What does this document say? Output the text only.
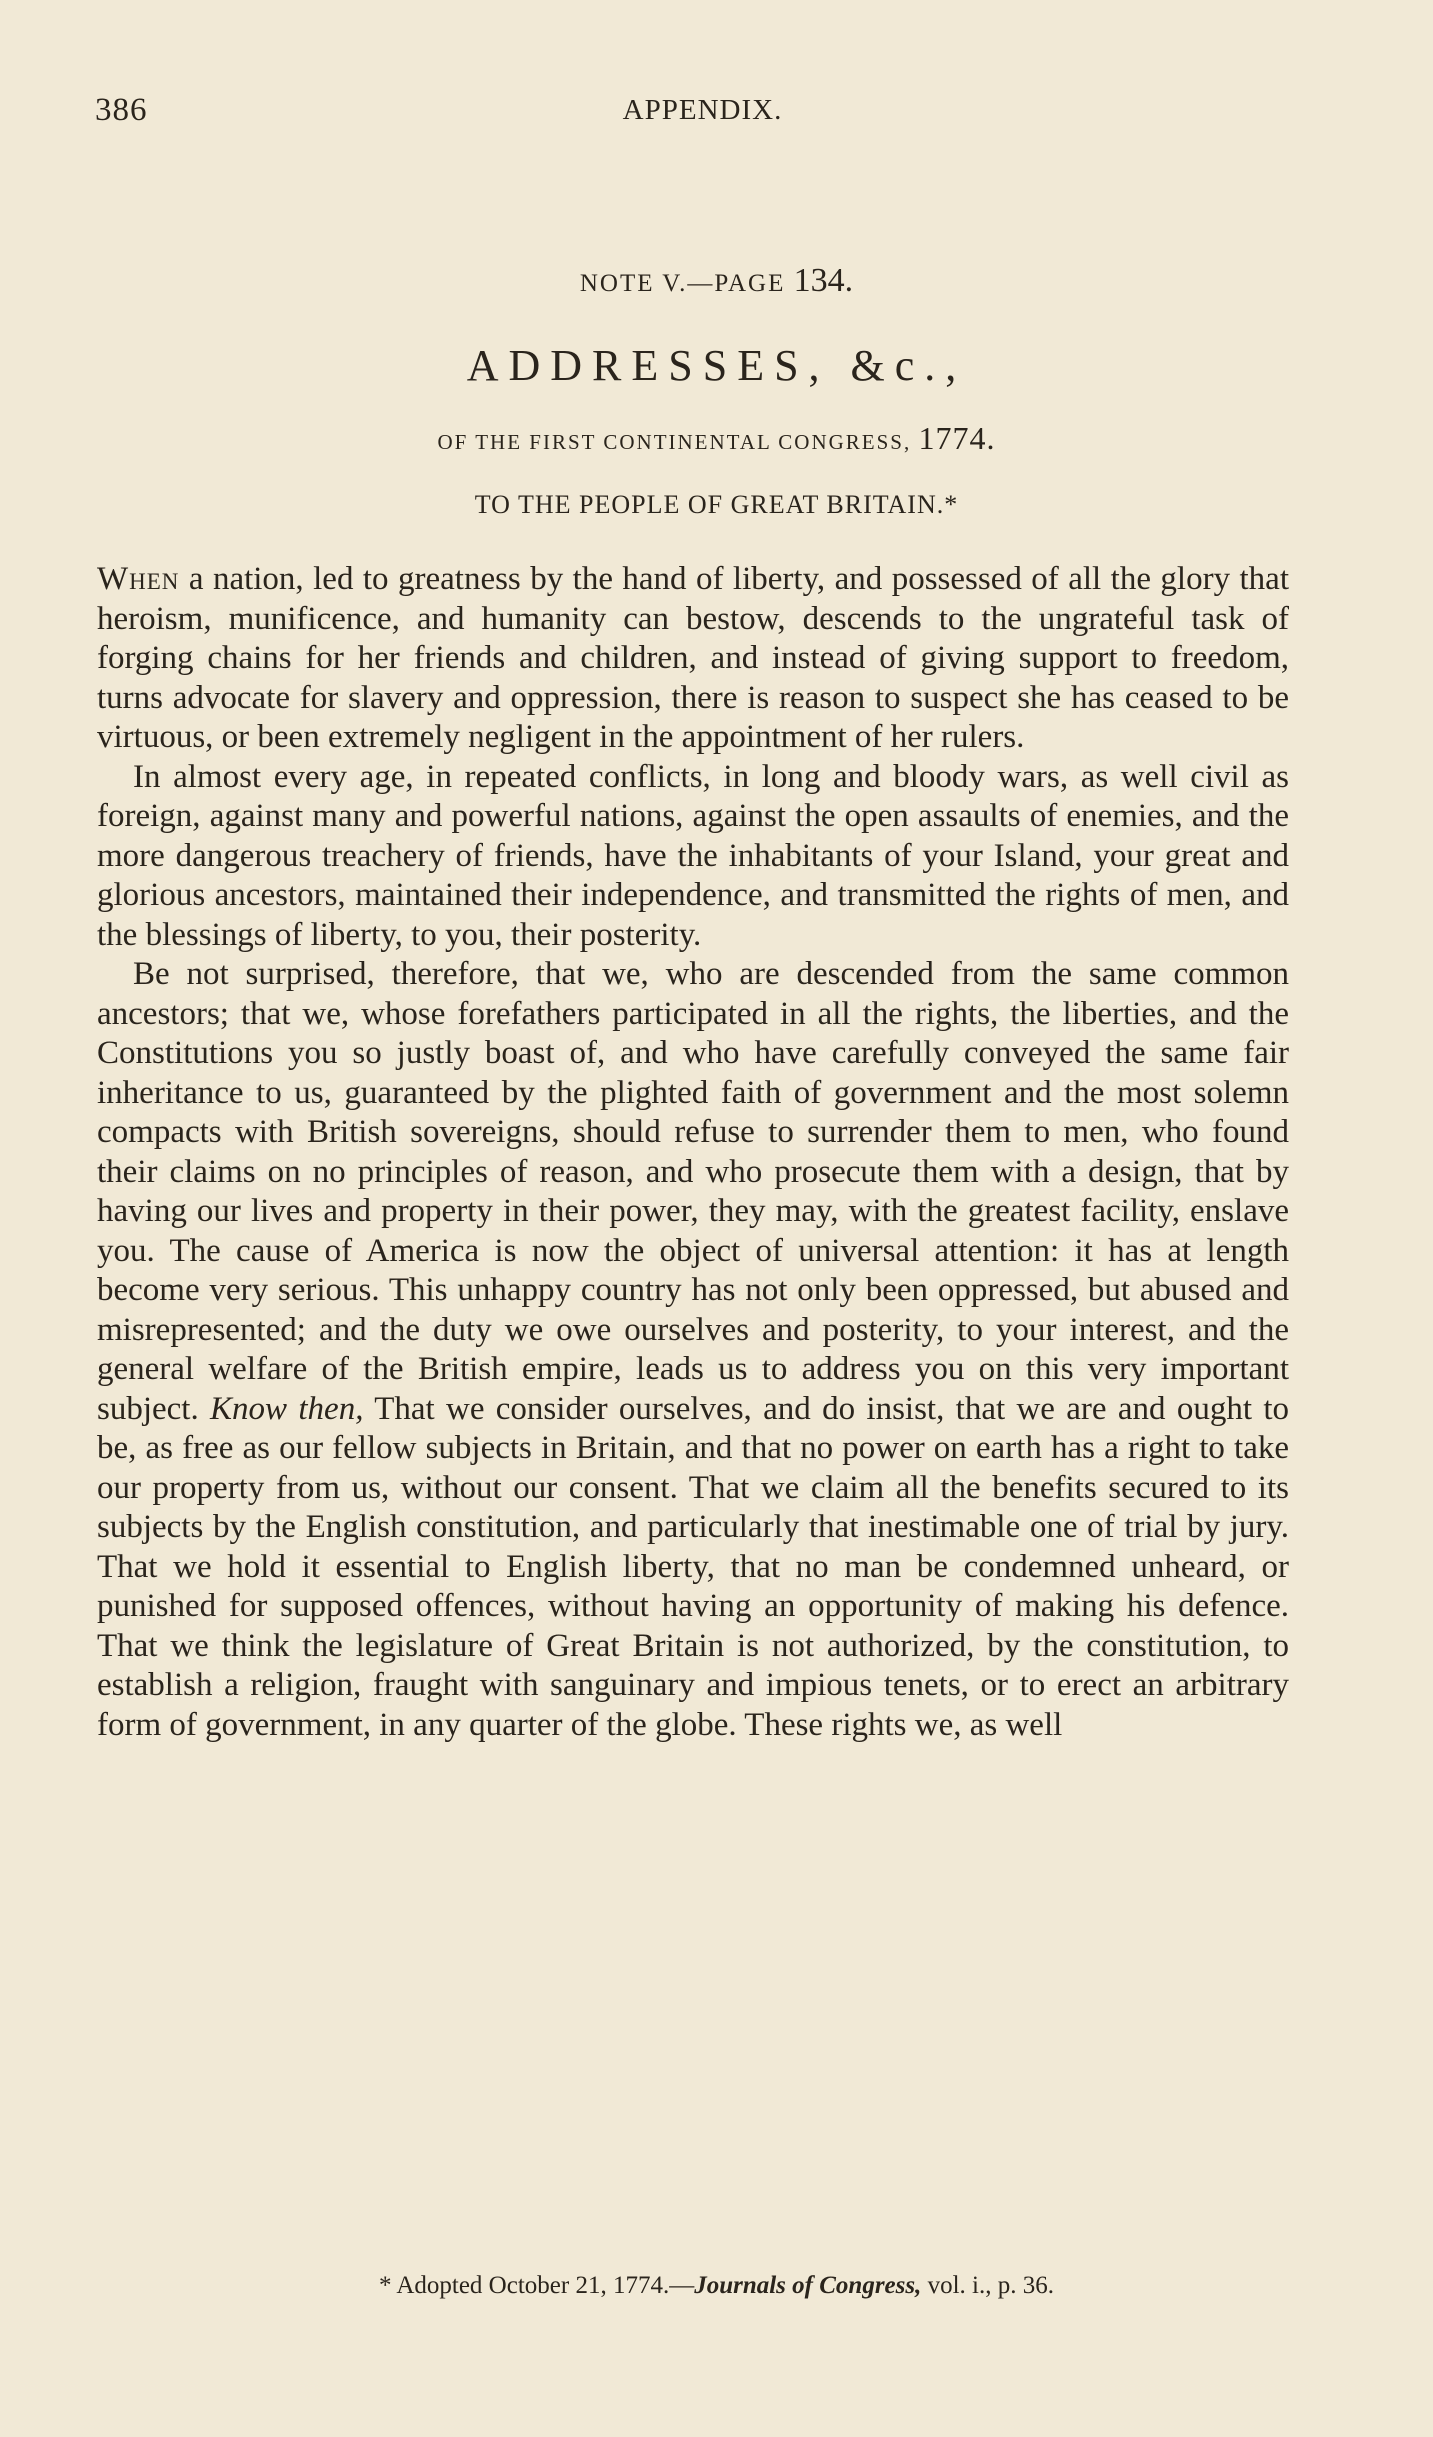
386	APPENDIX.
NOTE V.—PAGE 134.
ADDRESSES, &c.,
OF THE FIRST CONTINENTAL CONGRESS, 1774.
TO THE PEOPLE OF GREAT BRITAIN.*

When a nation, led to greatness by the hand of liberty, and possessed of all the glory that heroism, munificence, and humanity can bestow, descends to the ungrateful task of forging chains for her friends and children, and instead of giving support to freedom, turns advocate for slavery and oppression, there is reason to suspect she has ceased to be virtuous, or been extremely negligent in the appointment of her rulers.

In almost every age, in repeated conflicts, in long and bloody wars, as well civil as foreign, against many and powerful nations, against the open assaults of enemies, and the more dangerous treachery of friends, have the inhabitants of your Island, your great and glorious ancestors, maintained their independence, and transmitted the rights of men, and the blessings of liberty, to you, their posterity.

Be not surprised, therefore, that we, who are descended from the same common ancestors; that we, whose forefathers participated in all the rights, the liberties, and the Constitutions you so justly boast of, and who have carefully conveyed the same fair inheritance to us, guaranteed by the plighted faith of government and the most solemn compacts with British sovereigns, should refuse to surrender them to men, who found their claims on no principles of reason, and who prosecute them with a design, that by having our lives and property in their power, they may, with the greatest facility, enslave you. The cause of America is now the object of universal attention: it has at length become very serious. This unhappy country has not only been oppressed, but abused and misrepresented; and the duty we owe ourselves and posterity, to your interest, and the general welfare of the British empire, leads us to address you on this very important subject. Know then, That we consider ourselves, and do insist, that we are and ought to be, as free as our fellow subjects in Britain, and that no power on earth has a right to take our property from us, without our consent. That we claim all the benefits secured to its subjects by the English constitution, and particularly that inestimable one of trial by jury. That we hold it essential to English liberty, that no man be condemned unheard, or punished for supposed offences, without having an opportunity of making his defence. That we think the legislature of Great Britain is not authorized, by the constitution, to establish a religion, fraught with sanguinary and impious tenets, or to erect an arbitrary form of government, in any quarter of the globe. These rights we, as well

* Adopted October 21, 1774.—Journals of Congress, vol. i., p. 36.
